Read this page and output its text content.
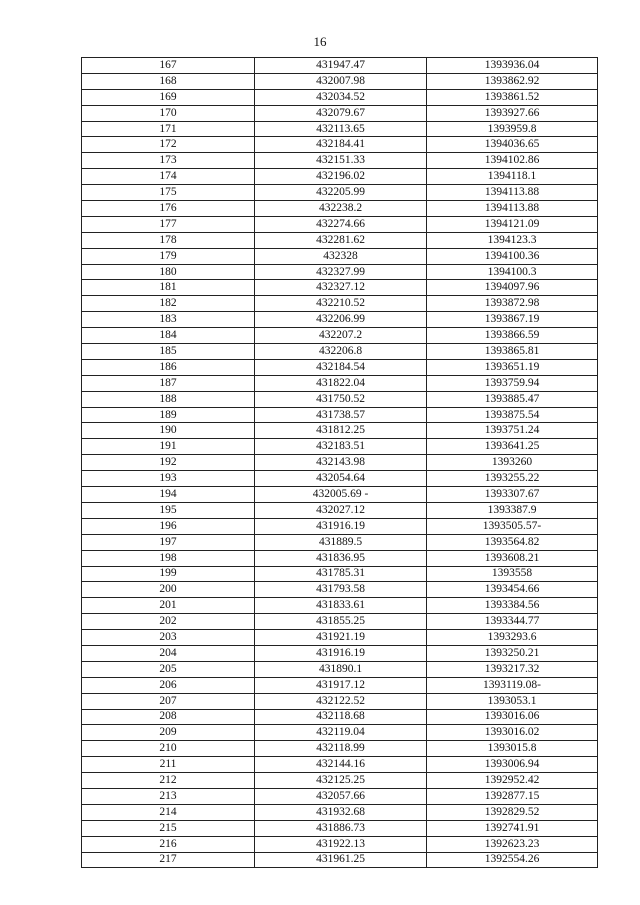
16
167	431947.47	1393936.04
168	432007.98	1393862.92
169	432034.52	1393861.52
170	432079.67	1393927.66
171	432113.65	1393959.8
172	432184.41	1394036.65
173	432151.33	1394102.86
174	432196.02	1394118.1
175	432205.99	1394113.88
176	432238.2	1394113.88
177	432274.66	1394121.09
178	432281.62	1394123.3
179	432328	1394100.36
180	432327.99	1394100.3
181	432327.12	1394097.96
182	432210.52	1393872.98
183	432206.99	1393867.19
184	432207.2	1393866.59
185	432206.8	1393865.81
186	432184.54	1393651.19
187	431822.04	1393759.94
188	431750.52	1393885.47
189	431738.57	1393875.54
190	431812.25	1393751.24
191	432183.51	1393641.25
192	432143.98	1393260
193	432054.64	1393255.22
194	432005.69 -	1393307.67
195	432027.12	1393387.9
196	431916.19	1393505.57-
197	431889.5	1393564.82
198	431836.95	1393608.21
199	431785.31	1393558
200	431793.58	1393454.66
201	431833.61	1393384.56
202	431855.25	1393344.77
203	431921.19	1393293.6
204	431916.19	1393250.21
205	431890.1	1393217.32
206	431917.12	1393119.08-
207	432122.52	1393053.1
208	432118.68	1393016.06
209	432119.04	1393016.02
210	432118.99	1393015.8
211	432144.16	1393006.94
212	432125.25	1392952.42
213	432057.66	1392877.15
214	431932.68	1392829.52
215	431886.73	1392741.91
216	431922.13	1392623.23
217	431961.25	1392554.26
